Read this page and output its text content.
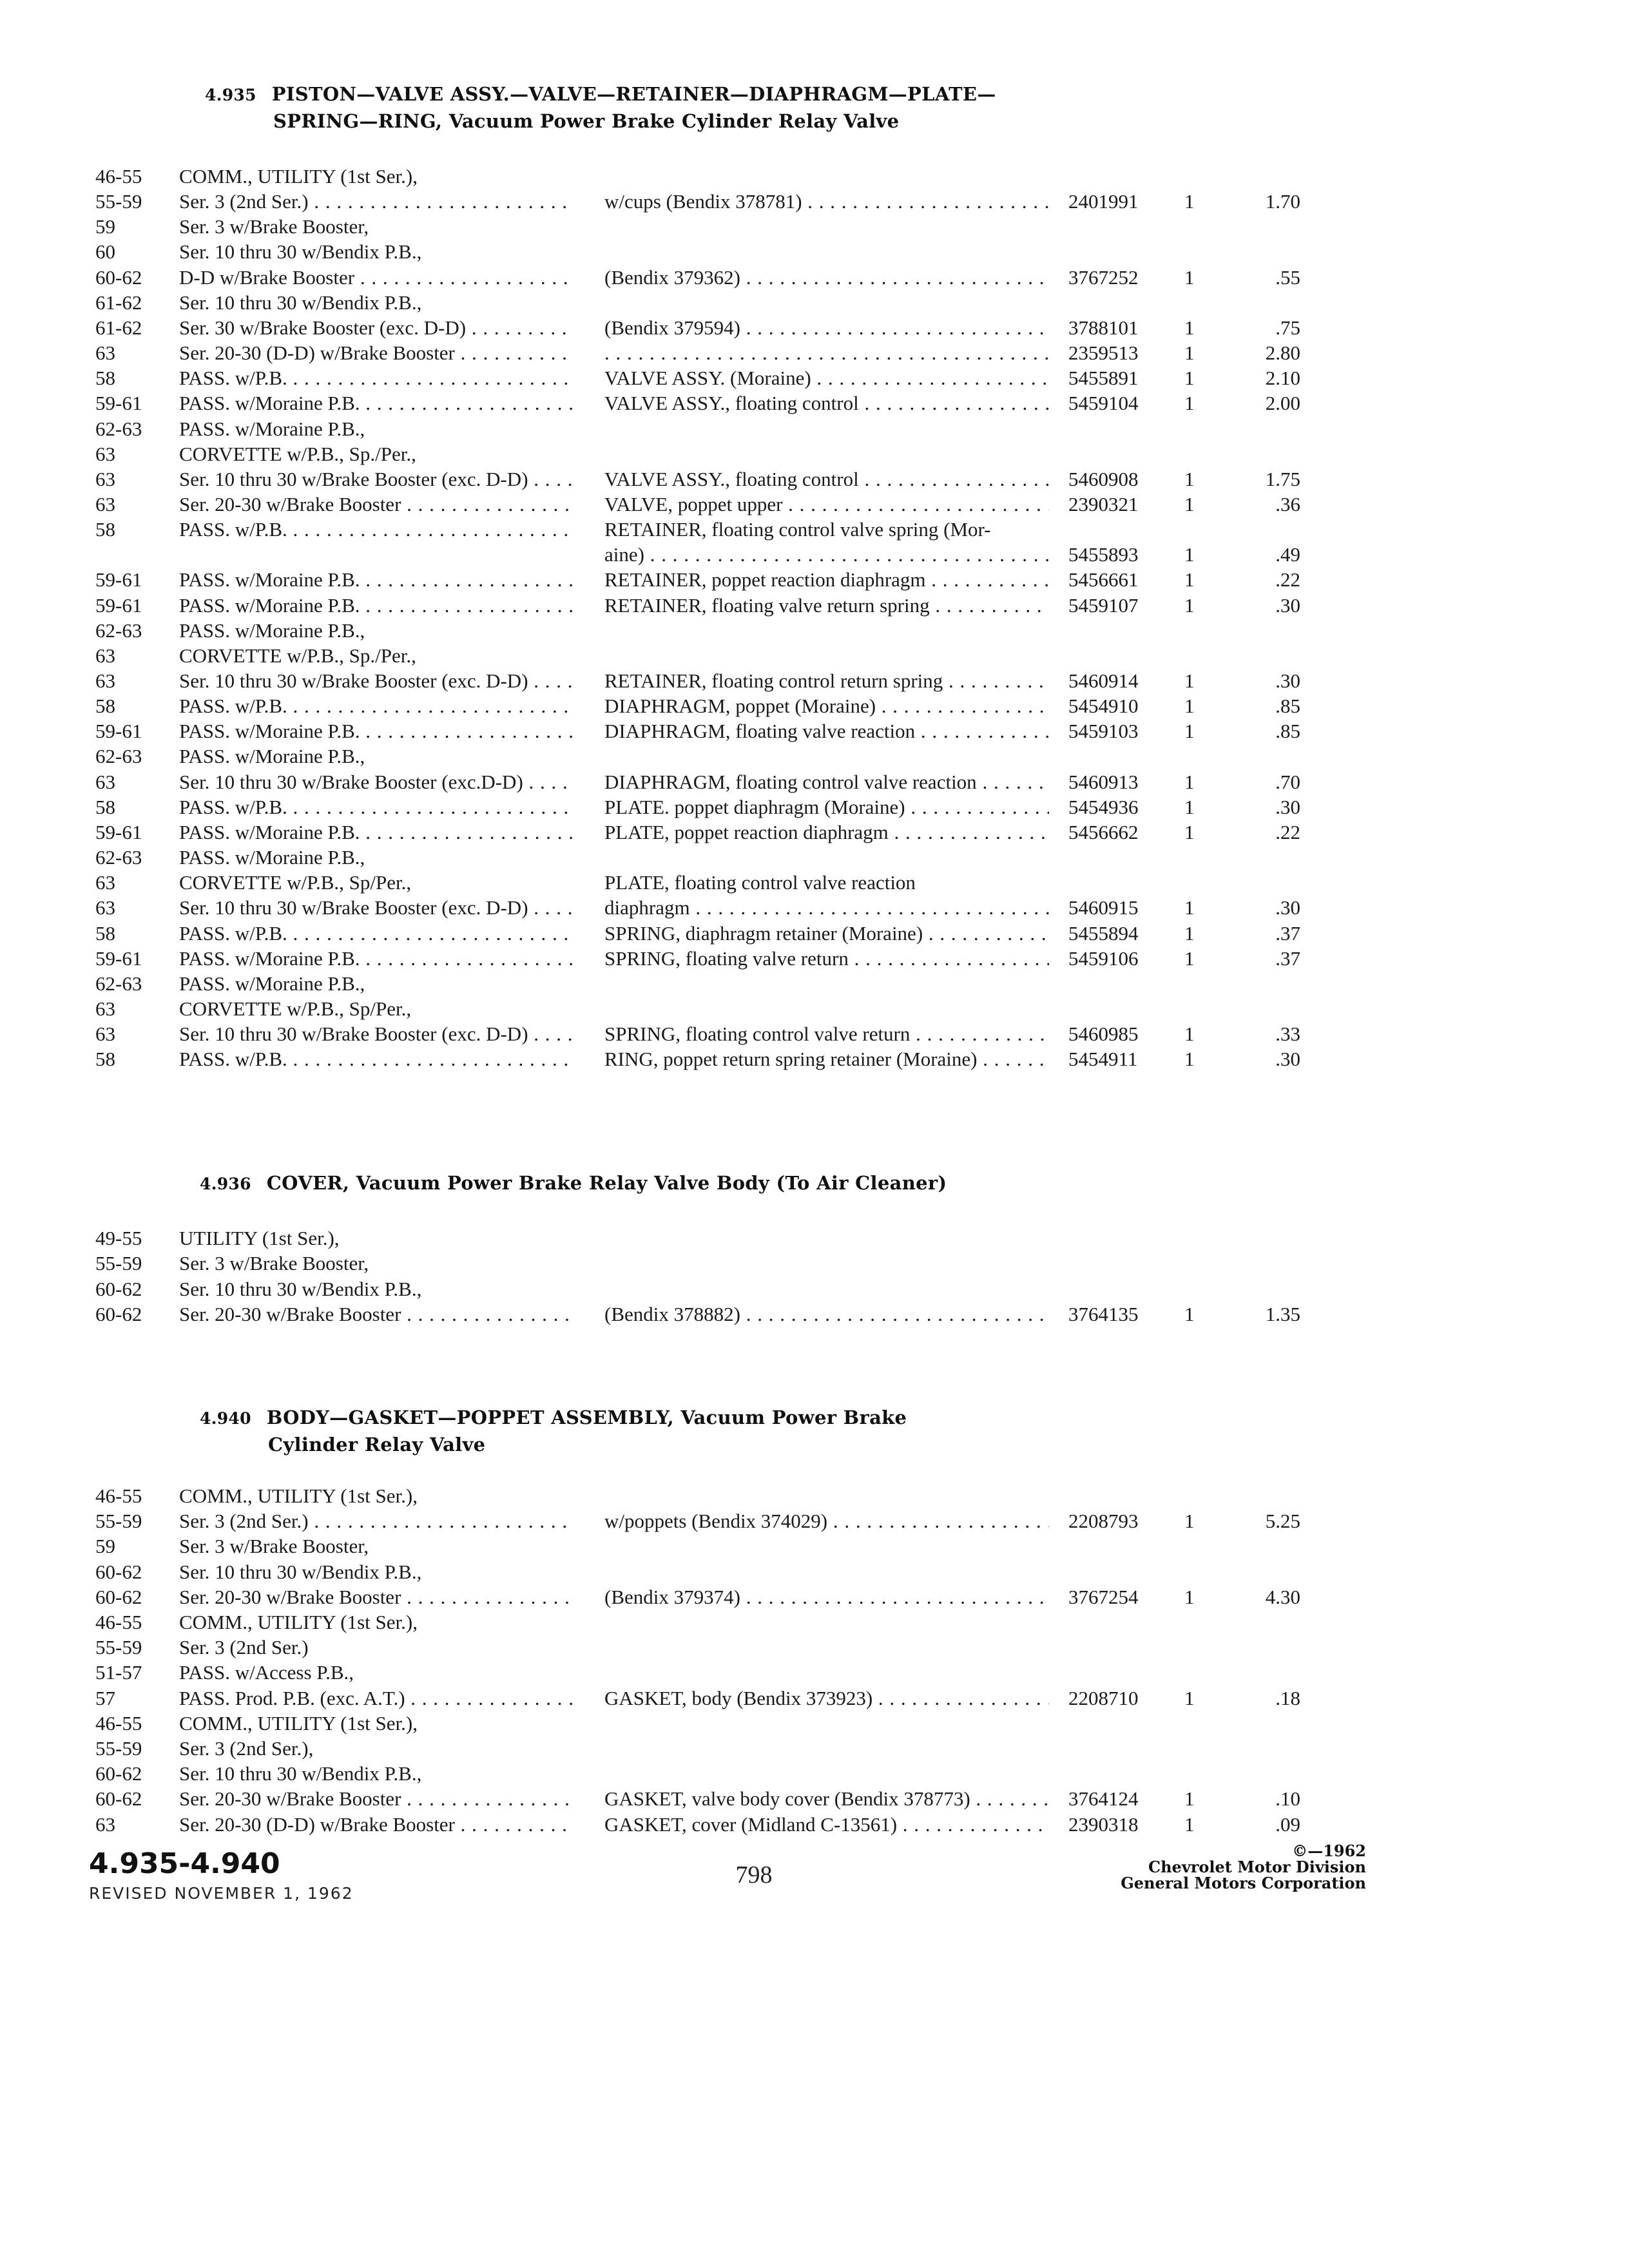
4.935 PISTON—VALVE ASSY.—VALVE—RETAINER—DIAPHRAGM—PLATE—
SPRING—RING, Vacuum Power Brake Cylinder Relay Valve
46-55	COMM., UTILITY (1st Ser.),
55-59	Ser. 3 (2nd Ser.) . . .	w/cups (Bendix 378781) . . .	2401991	1	1.70
59	Ser. 3 w/Brake Booster,
60	Ser. 10 thru 30 w/Bendix P.B.,
60-62	D-D w/Brake Booster . . .	(Bendix 379362) . . .	3767252	1	.55
61-62	Ser. 10 thru 30 w/Bendix P.B.,
61-62	Ser. 30 w/Brake Booster (exc. D-D) . . .	(Bendix 379594) . . .	3788101	1	.75
63	Ser. 20-30 (D-D) w/Brake Booster . . .
. . .	2359513	1	2.80
58	PASS. w/P.B. . . .	VALVE ASSY. (Moraine) . . .	5455891	1	2.10
59-61	PASS. w/Moraine P.B. . . .	VALVE ASSY., floating control . . .	5459104	1	2.00
62-63	PASS. w/Moraine P.B.,
63	CORVETTE w/P.B., Sp./Per.,
63	Ser. 10 thru 30 w/Brake Booster (exc. D-D) . . .	VALVE ASSY., floating control . . .	5460908	1	1.75
63	Ser. 20-30 w/Brake Booster . . .	VALVE, poppet upper . . .	2390321	1	.36
58	PASS. w/P.B. . . .	RETAINER, floating control valve spring (Mor-
aine) . . .	5455893	1	.49
59-61	PASS. w/Moraine P.B. . . .	RETAINER, poppet reaction diaphragm . . .	5456661	1	.22
59-61	PASS. w/Moraine P.B. . . .	RETAINER, floating valve return spring . . .	5459107	1	.30
62-63	PASS. w/Moraine P.B.,
63	CORVETTE w/P.B., Sp./Per.,
63	Ser. 10 thru 30 w/Brake Booster (exc. D-D) . . .	RETAINER, floating control return spring . . .	5460914	1	.30
58	PASS. w/P.B. . . .	DIAPHRAGM, poppet (Moraine) . . .	5454910	1	.85
59-61	PASS. w/Moraine P.B. . . .	DIAPHRAGM, floating valve reaction . . .	5459103	1	.85
62-63	PASS. w/Moraine P.B.,
63	Ser. 10 thru 30 w/Brake Booster (exc.D-D) . . .	DIAPHRAGM, floating control valve reaction . . .	5460913	1	.70
58	PASS. w/P.B. . . .	PLATE. poppet diaphragm (Moraine) . . .	5454936	1	.30
59-61	PASS. w/Moraine P.B. . . .	PLATE, poppet reaction diaphragm . . .	5456662	1	.22
62-63	PASS. w/Moraine P.B.,
63	CORVETTE w/P.B., Sp/Per.,	PLATE, floating control valve reaction
63	Ser. 10 thru 30 w/Brake Booster (exc. D-D) . . .	diaphragm . . .	5460915	1	.30
58	PASS. w/P.B. . . .	SPRING, diaphragm retainer (Moraine) . . .	5455894	1	.37
59-61	PASS. w/Moraine P.B. . . .	SPRING, floating valve return . . .	5459106	1	.37
62-63	PASS. w/Moraine P.B.,
63	CORVETTE w/P.B., Sp/Per.,
63	Ser. 10 thru 30 w/Brake Booster (exc. D-D) . . .	SPRING, floating control valve return . . .	5460985	1	.33
58	PASS. w/P.B. . . .	RING, poppet return spring retainer (Moraine) . . .	5454911	1	.30
4.936 COVER, Vacuum Power Brake Relay Valve Body (To Air Cleaner)
49-55	UTILITY (1st Ser.),
55-59	Ser. 3 w/Brake Booster,
60-62	Ser. 10 thru 30 w/Bendix P.B.,
60-62	Ser. 20-30 w/Brake Booster . . .	(Bendix 378882) . . .	3764135	1	1.35
4.940 BODY—GASKET—POPPET ASSEMBLY, Vacuum Power Brake
Cylinder Relay Valve
46-55	COMM., UTILITY (1st Ser.),
55-59	Ser. 3 (2nd Ser.) . . .	w/poppets (Bendix 374029) . . .	2208793	1	5.25
59	Ser. 3 w/Brake Booster,
60-62	Ser. 10 thru 30 w/Bendix P.B.,
60-62	Ser. 20-30 w/Brake Booster . . .	(Bendix 379374) . . .	3767254	1	4.30
46-55	COMM., UTILITY (1st Ser.),
55-59	Ser. 3 (2nd Ser.)
51-57	PASS. w/Access P.B.,
57	PASS. Prod. P.B. (exc. A.T.) . . .	GASKET, body (Bendix 373923) . . .	2208710	1	.18
46-55	COMM., UTILITY (1st Ser.),
55-59	Ser. 3 (2nd Ser.),
60-62	Ser. 10 thru 30 w/Bendix P.B.,
60-62	Ser. 20-30 w/Brake Booster . . .	GASKET, valve body cover (Bendix 378773) . . .	3764124	1	.10
63	Ser. 20-30 (D-D) w/Brake Booster . . .	GASKET, cover (Midland C-13561) . . .	2390318	1	.09
4.935-4.940
REVISED NOVEMBER 1, 1962
798
©—1962
Chevrolet Motor Division
General Motors Corporation
